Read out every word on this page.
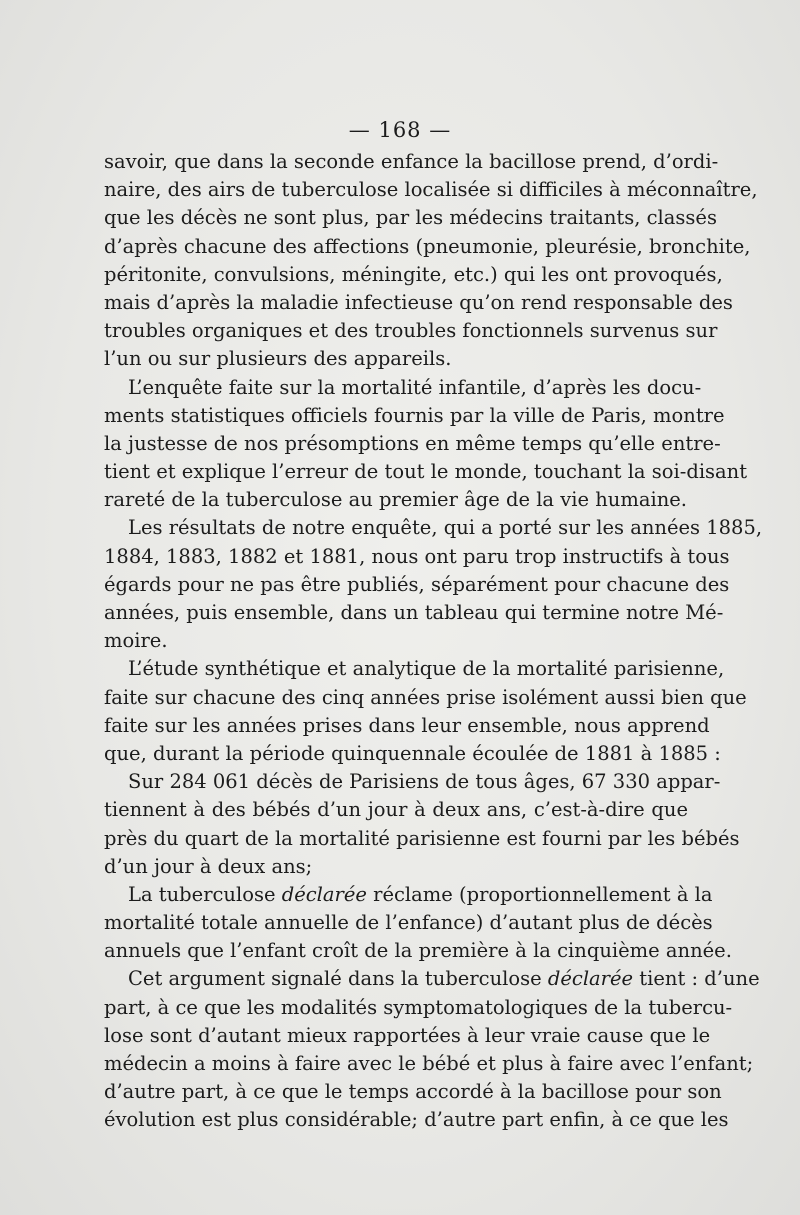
— 168 —
savoir, que dans la seconde enfance la bacillose prend, d’ordi-
naire, des airs de tuberculose localisée si difficiles à méconnaître,
que les décès ne sont plus, par les médecins traitants, classés
d’après chacune des affections (pneumonie, pleurésie, bronchite,
péritonite, convulsions, méningite, etc.) qui les ont provoqués,
mais d’après la maladie infectieuse qu’on rend responsable des
troubles organiques et des troubles fonctionnels survenus sur
l’un ou sur plusieurs des appareils.
L’enquête faite sur la mortalité infantile, d’après les docu-
ments statistiques officiels fournis par la ville de Paris, montre
la justesse de nos présomptions en même temps qu’elle entre-
tient et explique l’erreur de tout le monde, touchant la soi-disant
rareté de la tuberculose au premier âge de la vie humaine.
Les résultats de notre enquête, qui a porté sur les années 1885,
1884, 1883, 1882 et 1881, nous ont paru trop instructifs à tous
égards pour ne pas être publiés, séparément pour chacune des
années, puis ensemble, dans un tableau qui termine notre Mé-
moire.
L’étude synthétique et analytique de la mortalité parisienne,
faite sur chacune des cinq années prise isolément aussi bien que
faite sur les années prises dans leur ensemble, nous apprend
que, durant la période quinquennale écoulée de 1881 à 1885 :
Sur 284 061 décès de Parisiens de tous âges, 67 330 appar-
tiennent à des bébés d’un jour à deux ans, c’est-à-dire que
près du quart de la mortalité parisienne est fourni par les bébés
d’un jour à deux ans;
La tuberculose déclarée réclame (proportionnellement à la
mortalité totale annuelle de l’enfance) d’autant plus de décès
annuels que l’enfant croît de la première à la cinquième année.
Cet argument signalé dans la tuberculose déclarée tient : d’une
part, à ce que les modalités symptomatologiques de la tubercu-
lose sont d’autant mieux rapportées à leur vraie cause que le
médecin a moins à faire avec le bébé et plus à faire avec l’enfant;
d’autre part, à ce que le temps accordé à la bacillose pour son
évolution est plus considérable; d’autre part enfin, à ce que les
